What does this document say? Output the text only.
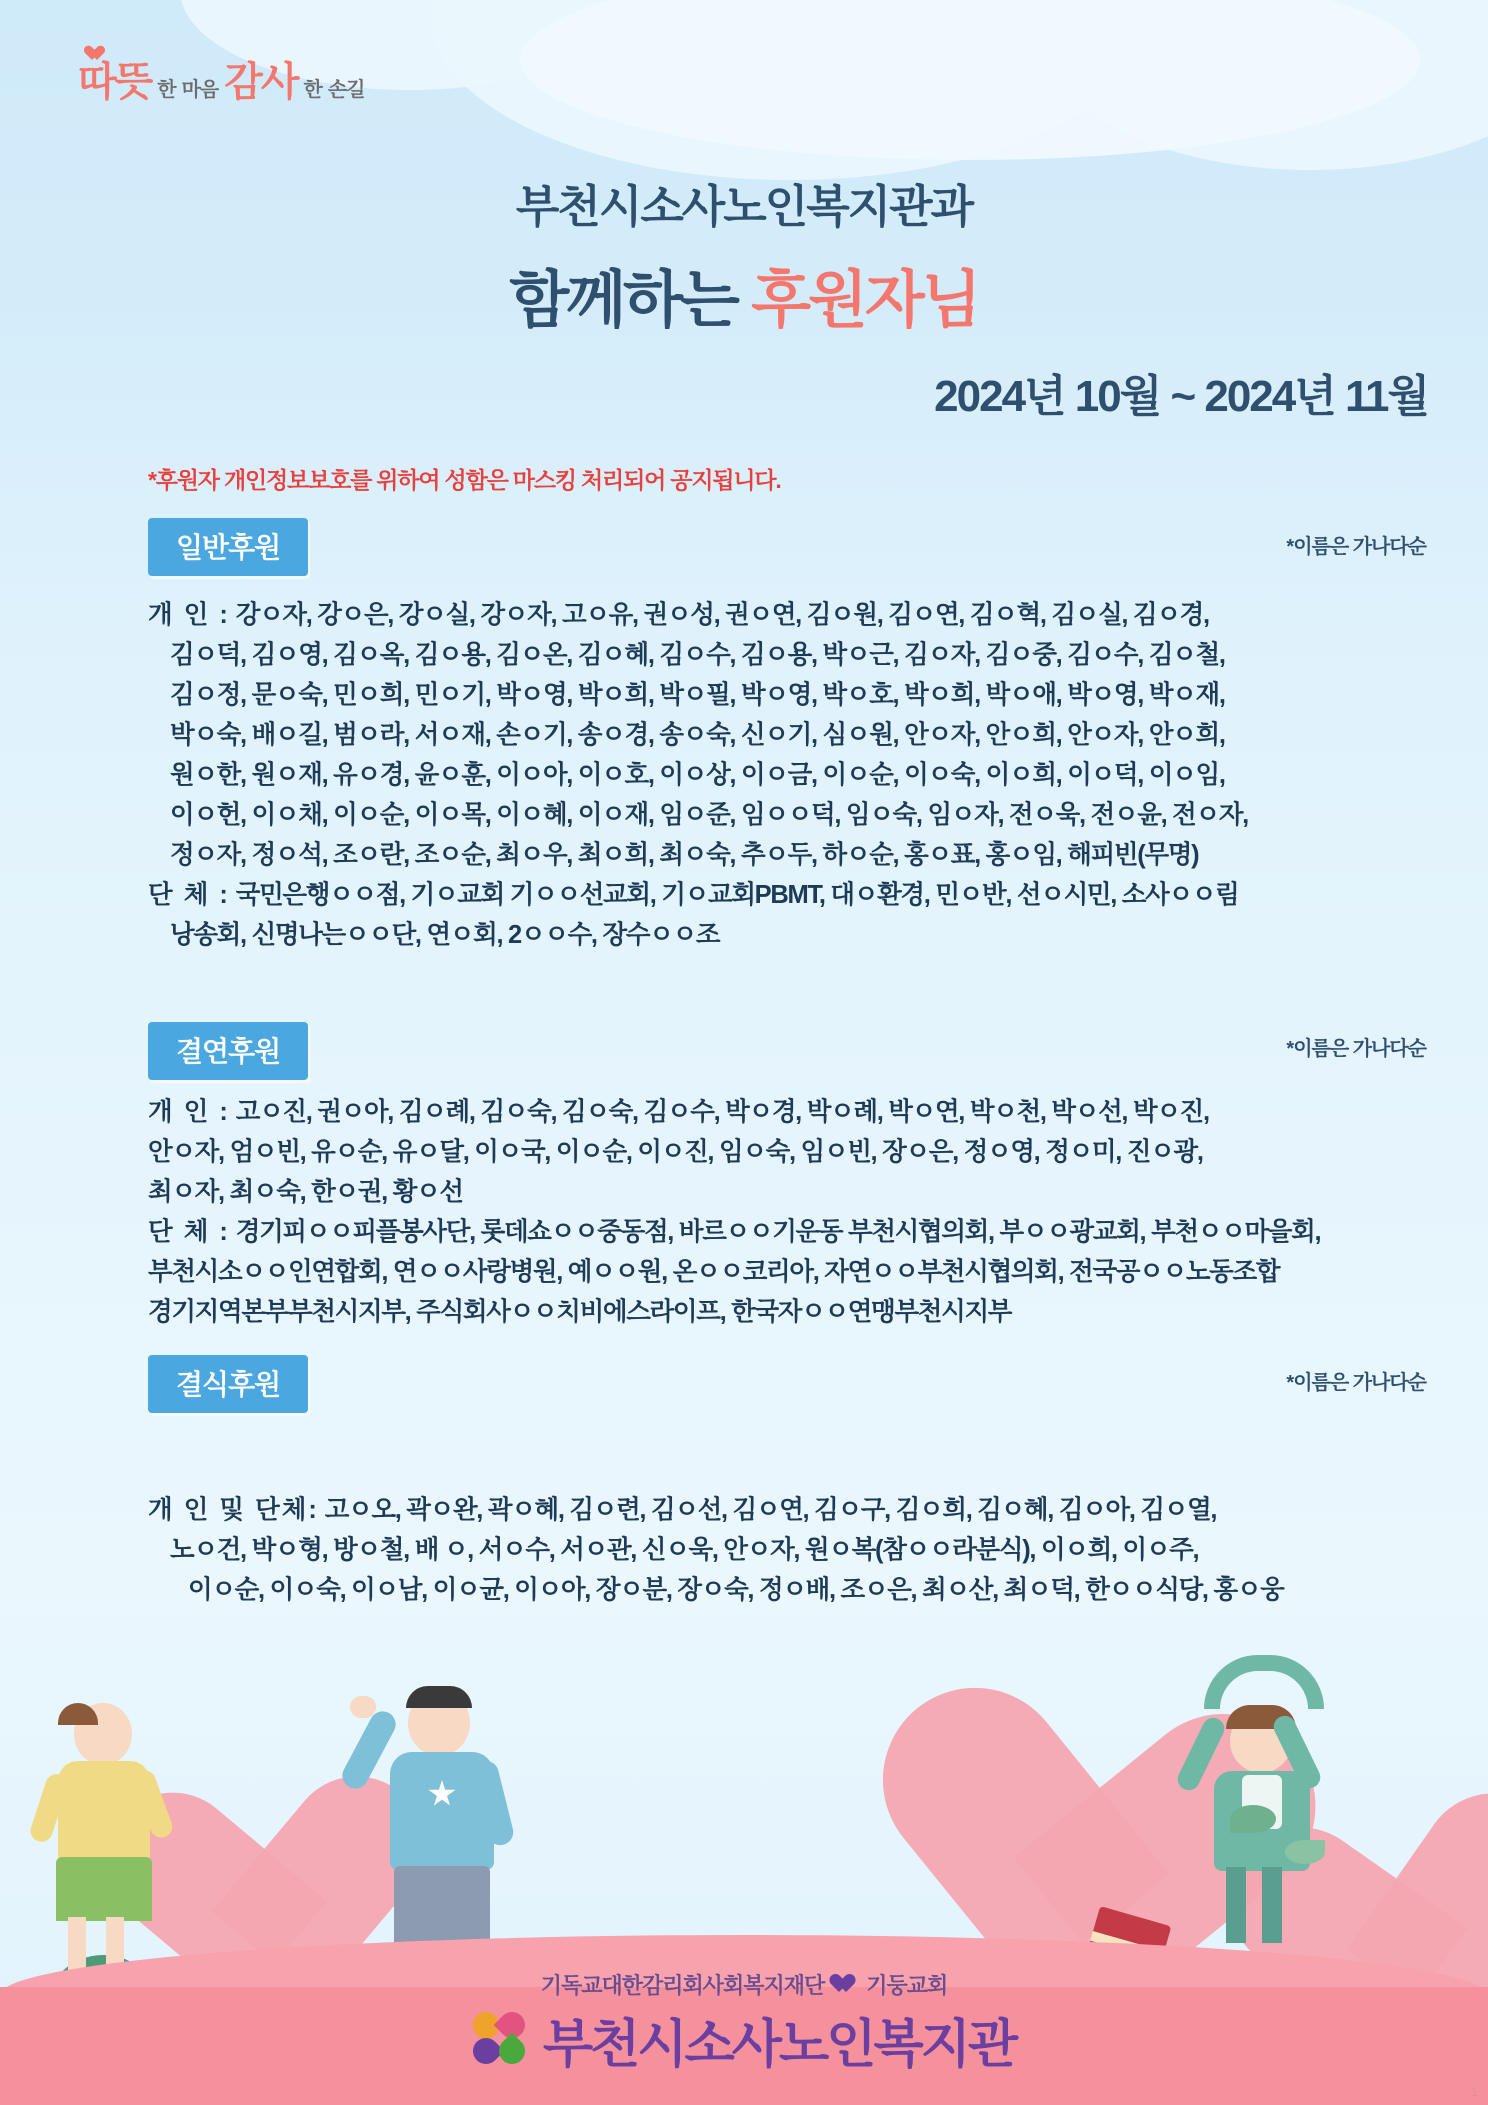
따뜻 한 마음 감사 한 손길
부천시소사노인복지관과
함께하는 후원자님
2024년 10월 ~ 2024년 11월
*후원자 개인정보보호를 위하여 성함은 마스킹 처리되어 공지됩니다.
일반후원	*이름은 가나다순
개 인 : 강ㅇ자, 강ㅇ은, 강ㅇ실, 강ㅇ자, 고ㅇ유, 권ㅇ성, 권ㅇ연, 김ㅇ원, 김ㅇ연, 김ㅇ혁, 김ㅇ실, 김ㅇ경,
김ㅇ덕, 김ㅇ영, 김ㅇ옥, 김ㅇ용, 김ㅇ온, 김ㅇ혜, 김ㅇ수, 김ㅇ용, 박ㅇ근, 김ㅇ자, 김ㅇ중, 김ㅇ수, 김ㅇ철,
김ㅇ정, 문ㅇ숙, 민ㅇ희, 민ㅇ기, 박ㅇ영, 박ㅇ희, 박ㅇ필, 박ㅇ영, 박ㅇ호, 박ㅇ희, 박ㅇ애, 박ㅇ영, 박ㅇ재,
박ㅇ숙, 배ㅇ길, 범ㅇ라, 서ㅇ재, 손ㅇ기, 송ㅇ경, 송ㅇ숙, 신ㅇ기, 심ㅇ원, 안ㅇ자, 안ㅇ희, 안ㅇ자, 안ㅇ희,
원ㅇ한, 원ㅇ재, 유ㅇ경, 윤ㅇ훈, 이ㅇ아, 이ㅇ호, 이ㅇ상, 이ㅇ금, 이ㅇ순, 이ㅇ숙, 이ㅇ희, 이ㅇ덕, 이ㅇ임,
이ㅇ헌, 이ㅇ채, 이ㅇ순, 이ㅇ목, 이ㅇ혜, 이ㅇ재, 임ㅇ준, 임ㅇㅇ덕, 임ㅇ숙, 임ㅇ자, 전ㅇ욱, 전ㅇ윤, 전ㅇ자,
정ㅇ자, 정ㅇ석, 조ㅇ란, 조ㅇ순, 최ㅇ우, 최ㅇ희, 최ㅇ숙, 추ㅇ두, 하ㅇ순, 홍ㅇ표, 홍ㅇ임, 해피빈(무명)
단 체 : 국민은행ㅇㅇ점, 기ㅇ교회 기ㅇㅇ선교회, 기ㅇ교회PBMT, 대ㅇ환경, 민ㅇ반, 선ㅇ시민, 소사ㅇㅇ림
낭송회, 신명나는ㅇㅇ단, 연ㅇ회, 2ㅇㅇ수, 장수ㅇㅇ조
결연후원	*이름은 가나다순
개 인 : 고ㅇ진, 권ㅇ아, 김ㅇ례, 김ㅇ숙, 김ㅇ숙, 김ㅇ수, 박ㅇ경, 박ㅇ례, 박ㅇ연, 박ㅇ천, 박ㅇ선, 박ㅇ진,
안ㅇ자, 엄ㅇ빈, 유ㅇ순, 유ㅇ달, 이ㅇ국, 이ㅇ순, 이ㅇ진, 임ㅇ숙, 임ㅇ빈, 장ㅇ은, 정ㅇ영, 정ㅇ미, 진ㅇ광,
최ㅇ자, 최ㅇ숙, 한ㅇ권, 황ㅇ선
단 체 : 경기피ㅇㅇ피플봉사단, 롯데쇼ㅇㅇ중동점, 바르ㅇㅇ기운동 부천시협의회, 부ㅇㅇ광교회, 부천ㅇㅇ마을회,
부천시소ㅇㅇ인연합회, 연ㅇㅇ사랑병원, 예ㅇㅇ원, 온ㅇㅇ코리아, 자연ㅇㅇ부천시협의회, 전국공ㅇㅇ노동조합
경기지역본부부천시지부, 주식회사ㅇㅇ치비에스라이프, 한국자ㅇㅇ연맹부천시지부
결식후원	*이름은 가나다순
개 인 및 단체: 고ㅇ오, 곽ㅇ완, 곽ㅇ혜, 김ㅇ련, 김ㅇ선, 김ㅇ연, 김ㅇ구, 김ㅇ희, 김ㅇ혜, 김ㅇ아, 김ㅇ열,
노ㅇ건, 박ㅇ형, 방ㅇ철, 배 ㅇ, 서ㅇ수, 서ㅇ관, 신ㅇ욱, 안ㅇ자, 원ㅇ복(참ㅇㅇ라분식), 이ㅇ희, 이ㅇ주,
이ㅇ순, 이ㅇ숙, 이ㅇ남, 이ㅇ균, 이ㅇ아, 장ㅇ분, 장ㅇ숙, 정ㅇ배, 조ㅇ은, 최ㅇ산, 최ㅇ덕, 한ㅇㅇ식당, 홍ㅇ웅
기독교대한감리회사회복지재단 기둥교회
부천시소사노인복지관
1
